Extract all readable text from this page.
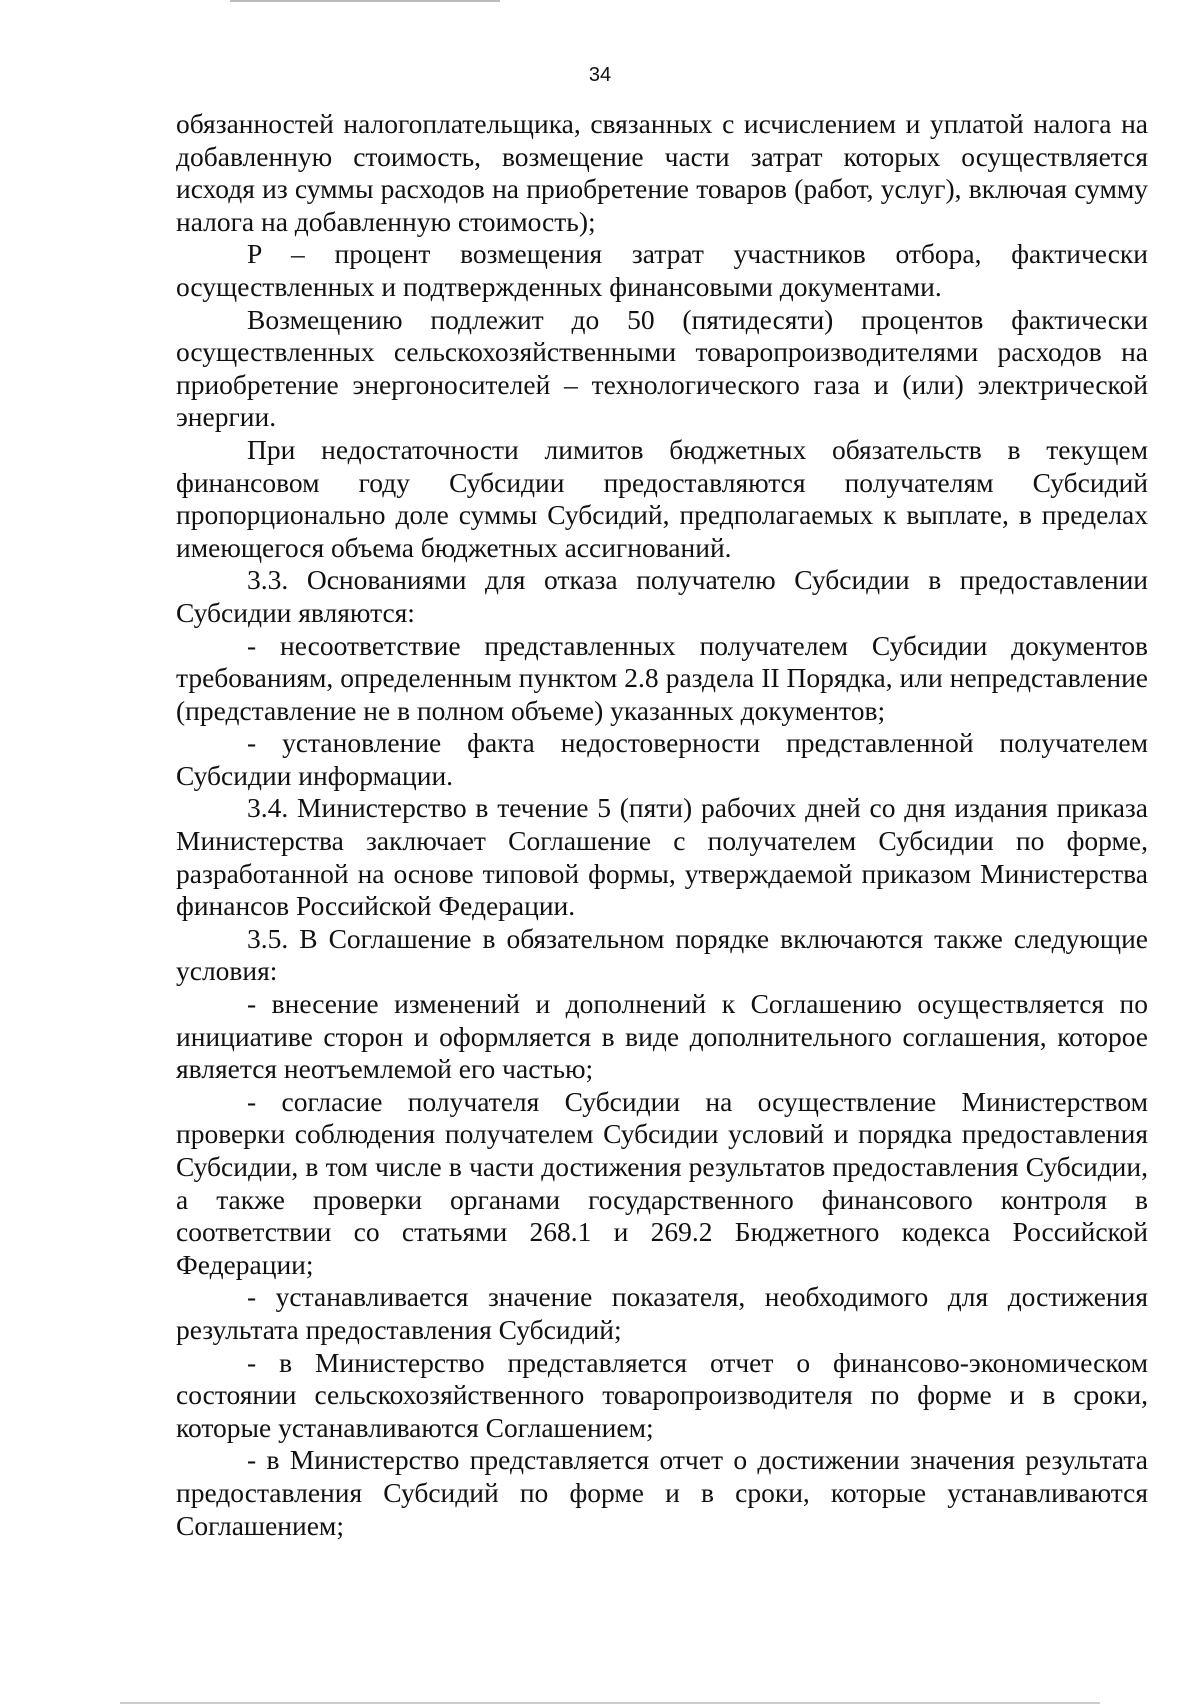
34

обязанностей налогоплательщика, связанных с исчислением и уплатой налога на добавленную стоимость, возмещение части затрат которых осуществляется исходя из суммы расходов на приобретение товаров (работ, услуг), включая сумму налога на добавленную стоимость);

P – процент возмещения затрат участников отбора, фактически осуществленных и подтвержденных финансовыми документами.

Возмещению подлежит до 50 (пятидесяти) процентов фактически осуществленных сельскохозяйственными товаропроизводителями расходов на приобретение энергоносителей – технологического газа и (или) электрической энергии.

При недостаточности лимитов бюджетных обязательств в текущем финансовом году Субсидии предоставляются получателям Субсидий пропорционально доле суммы Субсидий, предполагаемых к выплате, в пределах имеющегося объема бюджетных ассигнований.

3.3. Основаниями для отказа получателю Субсидии в предоставлении Субсидии являются:

- несоответствие представленных получателем Субсидии документов требованиям, определенным пунктом 2.8 раздела II Порядка, или непредставление (представление не в полном объеме) указанных документов;

- установление факта недостоверности представленной получателем Субсидии информации.

3.4. Министерство в течение 5 (пяти) рабочих дней со дня издания приказа Министерства заключает Соглашение с получателем Субсидии по форме, разработанной на основе типовой формы, утверждаемой приказом Министерства финансов Российской Федерации.

3.5. В Соглашение в обязательном порядке включаются также следующие условия:

- внесение изменений и дополнений к Соглашению осуществляется по инициативе сторон и оформляется в виде дополнительного соглашения, которое является неотъемлемой его частью;

- согласие получателя Субсидии на осуществление Министерством проверки соблюдения получателем Субсидии условий и порядка предоставления Субсидии, в том числе в части достижения результатов предоставления Субсидии, а также проверки органами государственного финансового контроля в соответствии со статьями 268.1 и 269.2 Бюджетного кодекса Российской Федерации;

- устанавливается значение показателя, необходимого для достижения результата предоставления Субсидий;

- в Министерство представляется отчет о финансово-экономическом состоянии сельскохозяйственного товаропроизводителя по форме и в сроки, которые устанавливаются Соглашением;

- в Министерство представляется отчет о достижении значения результата предоставления Субсидий по форме и в сроки, которые устанавливаются Соглашением;
